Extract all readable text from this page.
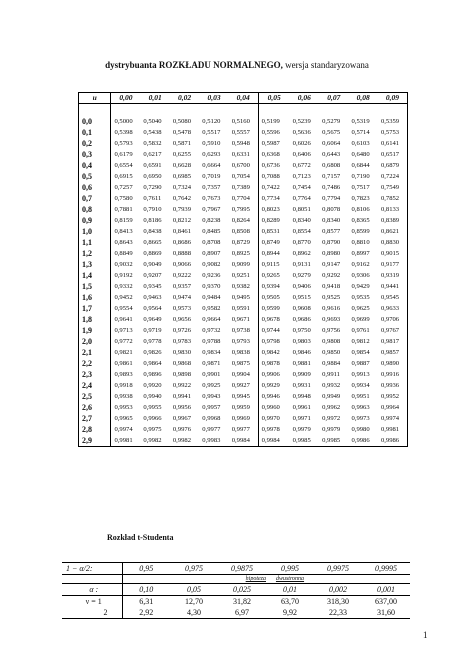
dystrybuanta ROZKŁADU NORMALNEGO, wersja standaryzowana
u	0,00	0,01	0,02	0,03	0,04	0,05	0,06	0,07	0,08	0,09

0,0	0,5000	0,5040	0,5080	0,5120	0,5160	0,5199	0,5239	0,5279	0,5319	0,5359
0,1	0,5398	0,5438	0,5478	0,5517	0,5557	0,5596	0,5636	0,5675	0,5714	0,5753
0,2	0,5793	0,5832	0,5871	0,5910	0,5948	0,5987	0,6026	0,6064	0,6103	0,6141
0,3	0,6179	0,6217	0,6255	0,6293	0,6331	0,6368	0,6406	0,6443	0,6480	0,6517
0,4	0,6554	0,6591	0,6628	0,6664	0,6700	0,6736	0,6772	0,6808	0,6844	0,6879
0,5	0,6915	0,6950	0,6985	0,7019	0,7054	0,7088	0,7123	0,7157	0,7190	0,7224
0,6	0,7257	0,7290	0,7324	0,7357	0,7389	0,7422	0,7454	0,7486	0,7517	0,7549
0,7	0,7580	0,7611	0,7642	0,7673	0,7704	0,7734	0,7764	0,7794	0,7823	0,7852
0,8	0,7881	0,7910	0,7939	0,7967	0,7995	0,8023	0,8051	0,8078	0,8106	0,8133
0,9	0,8159	0,8186	0,8212	0,8238	0,8264	0,8289	0,8340	0,8340	0,8365	0,8389
1,0	0,8413	0,8438	0,8461	0,8485	0,8508	0,8531	0,8554	0,8577	0,8599	0,8621
1,1	0,8643	0,8665	0,8686	0,8708	0,8729	0,8749	0,8770	0,8790	0,8810	0,8830
1,2	0,8849	0,8869	0,8888	0,8907	0,8925	0,8944	0,8962	0,8980	0,8997	0,9015
1,3	0,9032	0,9049	0,9066	0,9082	0,9099	0,9115	0,9131	0,9147	0,9162	0,9177
1,4	0,9192	0,9207	0,9222	0,9236	0,9251	0,9265	0,9279	0,9292	0,9306	0,9319
1,5	0,9332	0,9345	0,9357	0,9370	0,9382	0,9394	0,9406	0,9418	0,9429	0,9441
1,6	0,9452	0,9463	0,9474	0,9484	0,9495	0,9505	0,9515	0,9525	0,9535	0,9545
1,7	0,9554	0,9564	0,9573	0,9582	0,9591	0,9599	0,9608	0,9616	0,9625	0,9633
1,8	0,9641	0,9649	0,9656	0,9664	0,9671	0,9678	0,9686	0,9693	0,9699	0,9706
1,9	0,9713	0,9719	0,9726	0,9732	0,9738	0,9744	0,9750	0,9756	0,9761	0,9767
2,0	0,9772	0,9778	0,9783	0,9788	0,9793	0,9798	0,9803	0,9808	0,9812	0,9817
2,1	0,9821	0,9826	0,9830	0,9834	0,9838	0,9842	0,9846	0,9850	0,9854	0,9857
2,2	0,9861	0,9864	0,9868	0,9871	0,9875	0,9878	0,9881	0,9884	0,9887	0,9890
2,3	0,9893	0,9896	0,9898	0,9901	0,9904	0,9906	0,9909	0,9911	0,9913	0,9916
2,4	0,9918	0,9920	0,9922	0,9925	0,9927	0,9929	0,9931	0,9932	0,9934	0,9936
2,5	0,9938	0,9940	0,9941	0,9943	0,9945	0,9946	0,9948	0,9949	0,9951	0,9952
2,6	0,9953	0,9955	0,9956	0,9957	0,9959	0,9960	0,9961	0,9962	0,9963	0,9964
2,7	0,9965	0,9966	0,9967	0,9968	0,9969	0,9970	0,9971	0,9972	0,9973	0,9974
2,8	0,9974	0,9975	0,9976	0,9977	0,9977	0,9978	0,9979	0,9979	0,9980	0,9981
2,9	0,9981	0,9982	0,9982	0,9983	0,9984	0,9984	0,9985	0,9985	0,9986	0,9986
Rozkład t-Studenta
1 − α/2:	0,95	0,975	0,9875	0,995	0,9975	0,9995
			hipoteza	dwustronna		
α :	0,10	0,05	0,025	0,01	0,002	0,001
ν = 1	6,31	12,70	31,82	63,70	318,30	637,00
2	2,92	4,30	6,97	9,92	22,33	31,60
1
